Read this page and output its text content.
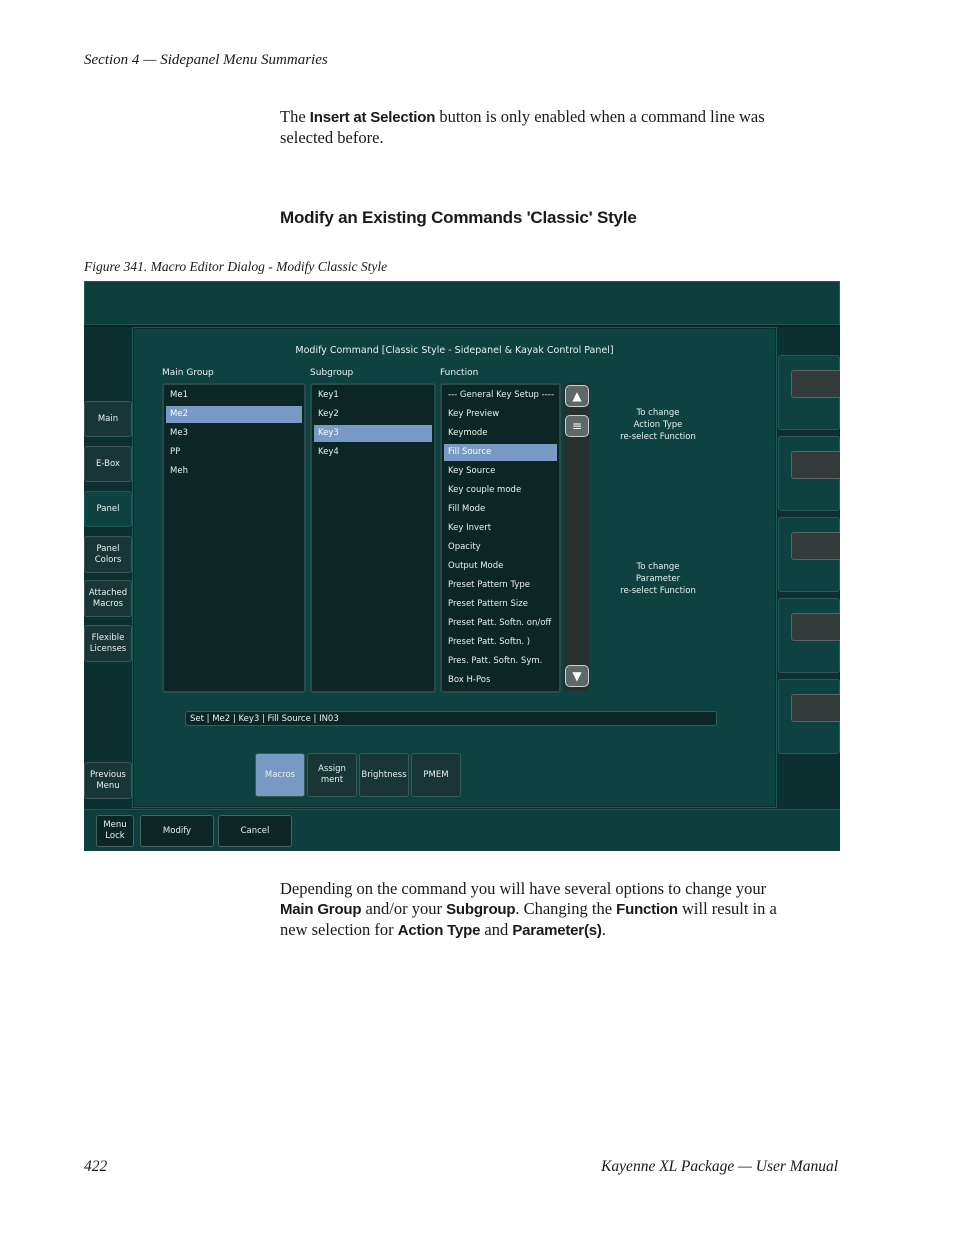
Section 4 — Sidepanel Menu Summaries
The Insert at Selection button is only enabled when a command line was
selected before.
Modify an Existing Commands 'Classic' Style
Figure 341. Macro Editor Dialog - Modify Classic Style
Main
E-Box
Panel
Panel Colors
Attached Macros
Flexible Licenses
Previous Menu
Modify Command [Classic Style - Sidepanel & Kayak Control Panel]
Main Group	Subgroup	Function
Me1
Me2
Me3
PP
Meh
Key1
Key2
Key3
Key4
--- General Key Setup ----
Key Preview
Keymode
Fill Source
Key Source
Key couple mode
Fill Mode
Key Invert
Opacity
Output Mode
Preset Pattern Type
Preset Pattern Size
Preset Patt. Softn. on/off
Preset Patt. Softn. )
Pres. Patt. Softn. Sym.
Box H-Pos
▲
≡
▼
To change
Action Type
re-select Function
To change
Parameter
re-select Function
Set | Me2 | Key3 | Fill Source | IN03
Macros
Assign ment
Brightness PMEM
Menu Lock
Modify	Cancel
Depending on the command you will have several options to change your
Main Group and/or your Subgroup. Changing the Function will result in a
new selection for Action Type and Parameter(s).
422	Kayenne XL Package — User Manual
